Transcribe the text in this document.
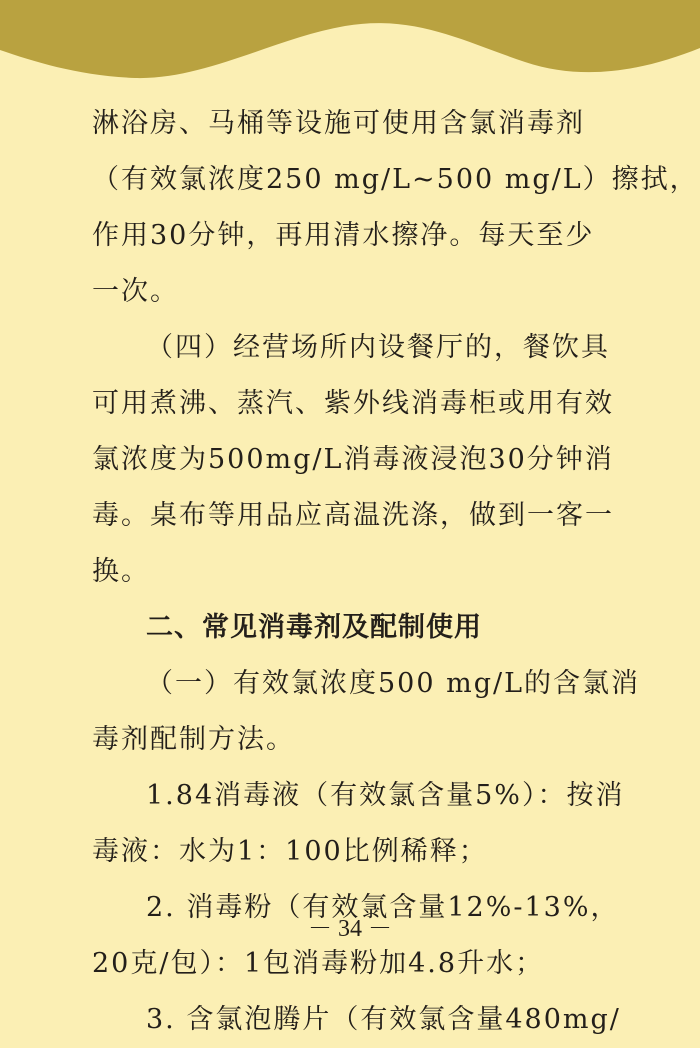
淋浴房、马桶等设施可使用含氯消毒剂
（有效氯浓度250 mg/L~500 mg/L）擦拭，
作用30分钟，再用清水擦净。每天至少
一次。
（四）经营场所内设餐厅的，餐饮具
可用煮沸、蒸汽、紫外线消毒柜或用有效
氯浓度为500mg/L消毒液浸泡30分钟消
毒。桌布等用品应高温洗涤，做到一客一
换。
二、常见消毒剂及配制使用
（一）有效氯浓度500 mg/L的含氯消
毒剂配制方法。
1.84消毒液（有效氯含量5%）：按消
毒液：水为1：100比例稀释；
2. 消毒粉（有效氯含量12%-13%，
20克/包）：1包消毒粉加4.8升水；
3. 含氯泡腾片（有效氯含量480mg/
－ 34 －
